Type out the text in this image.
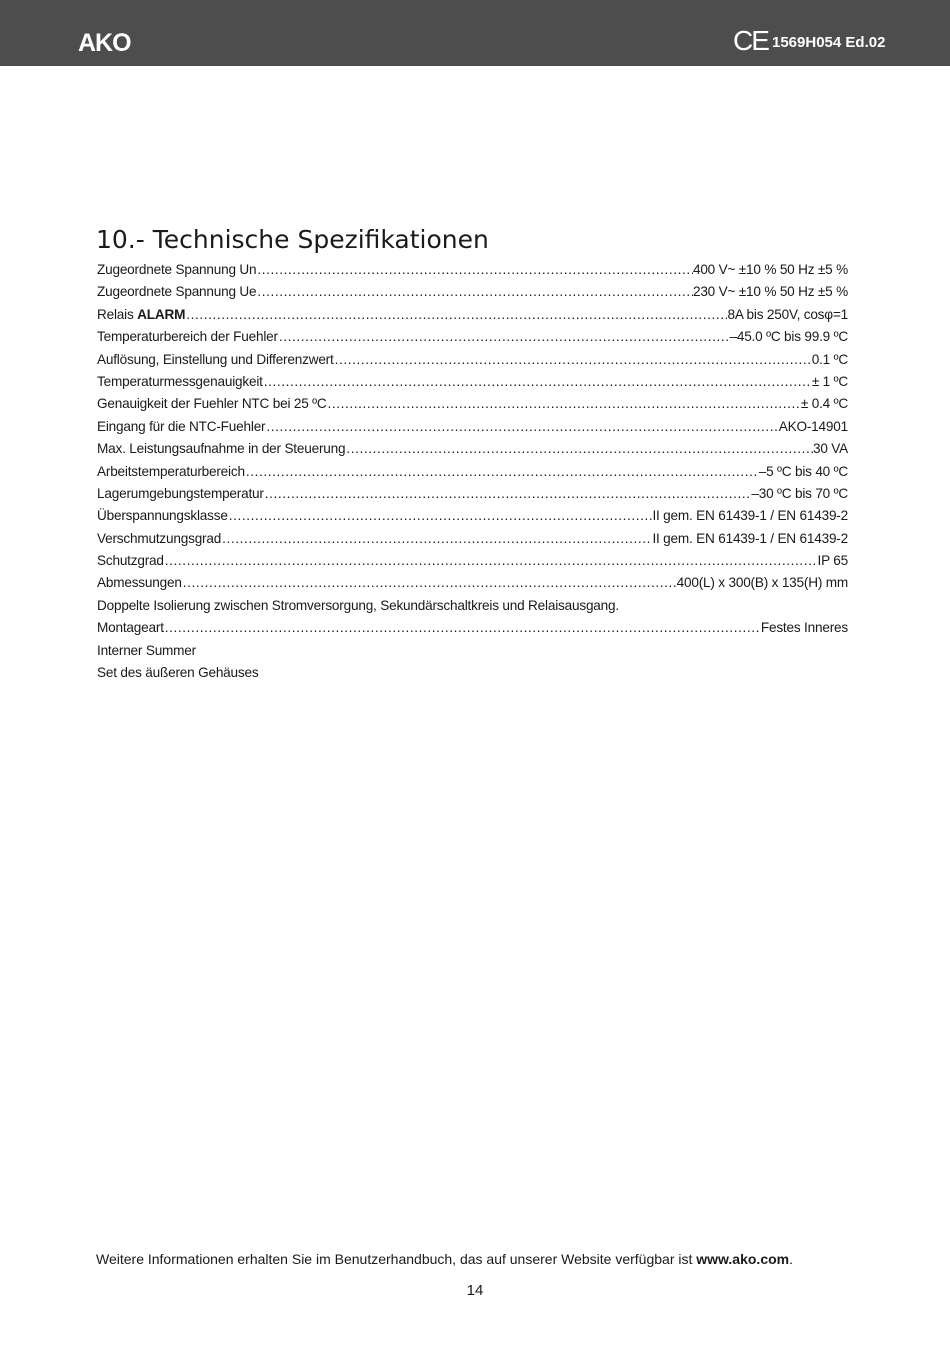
AKO	CE 1569H054 Ed.02
10.- Technische Spezifikationen
Zugeordnete Spannung Un .....	400 V~ ±10 % 50 Hz ±5 %
Zugeordnete Spannung Ue .....	230 V~ ±10 % 50 Hz ±5 %
Relais ALARM .....	8A bis 250V, cosφ=1
Temperaturbereich der Fuehler .....	–45.0 ºC bis 99.9 ºC
Auflösung, Einstellung und Differenzwert .....	0.1 ºC
Temperaturmessgenauigkeit .....	± 1 ºC
Genauigkeit der Fuehler NTC bei 25 ºC .....	± 0.4 ºC
Eingang für die NTC-Fuehler .....	AKO-14901
Max. Leistungsaufnahme in der Steuerung .....	30 VA
Arbeitstemperaturbereich .....	–5 ºC bis 40 ºC
Lagerumgebungstemperatur .....	–30 ºC bis 70 ºC
Überspannungsklasse .....	II gem. EN 61439-1 / EN 61439-2
Verschmutzungsgrad .....	II gem. EN 61439-1 / EN 61439-2
Schutzgrad .....	IP 65
Abmessungen .....	400(L) x 300(B) x 135(H) mm
Doppelte Isolierung zwischen Stromversorgung, Sekundärschaltkreis und Relaisausgang.
Montageart .....	Festes Inneres
Interner Summer
Set des äußeren Gehäuses
Weitere Informationen erhalten Sie im Benutzerhandbuch, das auf unserer Website verfügbar ist www.ako.com.
14
